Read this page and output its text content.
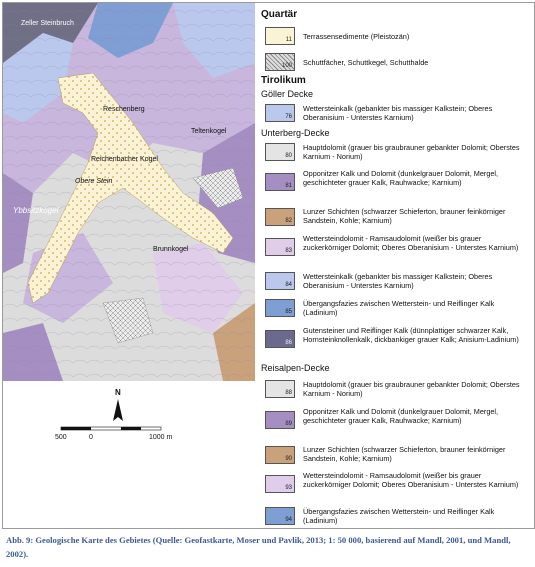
Zeller Steinbruch
Reschenberg
Reichenbacher Kogel
Teltenkogel
Ybbsitzkogel
Brunnkogel
Obere Stein
N
500	0	1000 m
Quartär
11 Terrassensedimente (Pleistozän)
100 Schuttfächer, Schuttkegel, Schutthalde
Tirolikum
Göller Decke
76
Wettersteinkalk (gebankter bis massiger Kalkstein; Oberes Oberanisium - Unterstes Karnium)
Unterberg-Decke
80
Hauptdolomit (grauer bis graubrauner gebankter Dolomit; Oberstes Karnium - Norium)
81
Opponitzer Kalk und Dolomit (dunkelgrauer Dolomit, Mergel, geschichteter grauer Kalk, Rauhwacke; Karnium)
82
Lunzer Schichten (schwarzer Schieferton, brauner feinkörniger Sandstein, Kohle; Karnium)
83
Wettersteindolomit - Ramsaudolomit (weißer bis grauer zuckerkörniger Dolomit; Oberes Oberanisium - Unterstes Karnium)
84
Wettersteinkalk (gebankter bis massiger Kalkstein; Oberes Oberanisium - Unterstes Karnium)
85
Übergangsfazies zwischen Wetterstein- und Reiflinger Kalk (Ladinium)
86
Gutensteiner und Reiflinger Kalk (dünnplattiger schwarzer Kalk, Hornsteinknollenkalk, dickbankiger grauer Kalk; Anisium-Ladinium)
Reisalpen-Decke
88
Hauptdolomit (grauer bis graubrauner gebankter Dolomit; Oberstes Karnium - Norium)
89
Opponitzer Kalk und Dolomit (dunkelgrauer Dolomit, Mergel, geschichteter grauer Kalk, Rauhwacke; Karnium)
90
Lunzer Schichten (schwarzer Schieferton, brauner feinkörniger Sandstein, Kohle; Karnium)
93
Wettersteindolomit - Ramsaudolomit (weißer bis grauer zuckerkörniger Dolomit; Oberes Oberanisium - Unterstes Karnium)
94
Übergangsfazies zwischen Wetterstein- und Reiflinger Kalk (Ladinium)
Abb. 9: Geologische Karte des Gebietes (Quelle: Geofastkarte, Moser und Pavlik, 2013; 1: 50 000, basierend auf Mandl, 2001, und Mandl, 2002).
